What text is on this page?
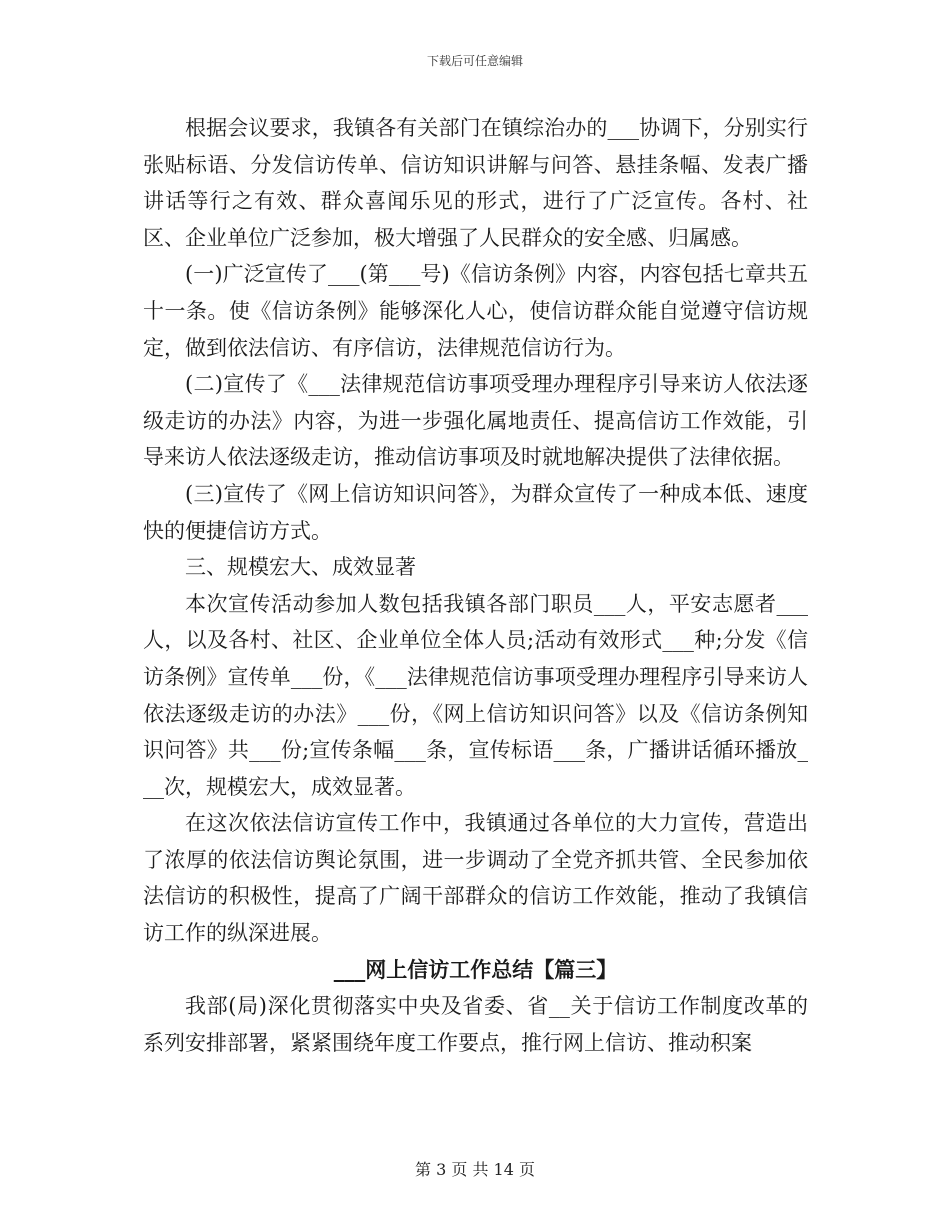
下载后可任意编辑

根据会议要求，我镇各有关部门在镇综治办的___协调下，分别实行张贴标语、分发信访传单、信访知识讲解与问答、悬挂条幅、发表广播讲话等行之有效、群众喜闻乐见的形式，进行了广泛宣传。各村、社区、企业单位广泛参加，极大增强了人民群众的安全感、归属感。

(一)广泛宣传了___(第___号)《信访条例》内容，内容包括七章共五十一条。使《信访条例》能够深化人心，使信访群众能自觉遵守信访规定，做到依法信访、有序信访，法律规范信访行为。

(二)宣传了《___法律规范信访事项受理办理程序引导来访人依法逐级走访的办法》内容，为进一步强化属地责任、提高信访工作效能，引导来访人依法逐级走访，推动信访事项及时就地解决提供了法律依据。

(三)宣传了《网上信访知识问答》，为群众宣传了一种成本低、速度快的便捷信访方式。

三、规模宏大、成效显著

本次宣传活动参加人数包括我镇各部门职员___人，平安志愿者___人，以及各村、社区、企业单位全体人员;活动有效形式___种;分发《信访条例》宣传单___份，《___法律规范信访事项受理办理程序引导来访人依法逐级走访的办法》___份，《网上信访知识问答》以及《信访条例知识问答》共___份;宣传条幅___条，宣传标语___条，广播讲话循环播放___次，规模宏大，成效显著。

在这次依法信访宣传工作中，我镇通过各单位的大力宣传，营造出了浓厚的依法信访舆论氛围，进一步调动了全党齐抓共管、全民参加依法信访的积极性，提高了广阔干部群众的信访工作效能，推动了我镇信访工作的纵深进展。

___网上信访工作总结【篇三】

我部(局)深化贯彻落实中央及省委、省__关于信访工作制度改革的系列安排部署，紧紧围绕年度工作要点，推行网上信访、推动积案

第 3 页 共 14 页
